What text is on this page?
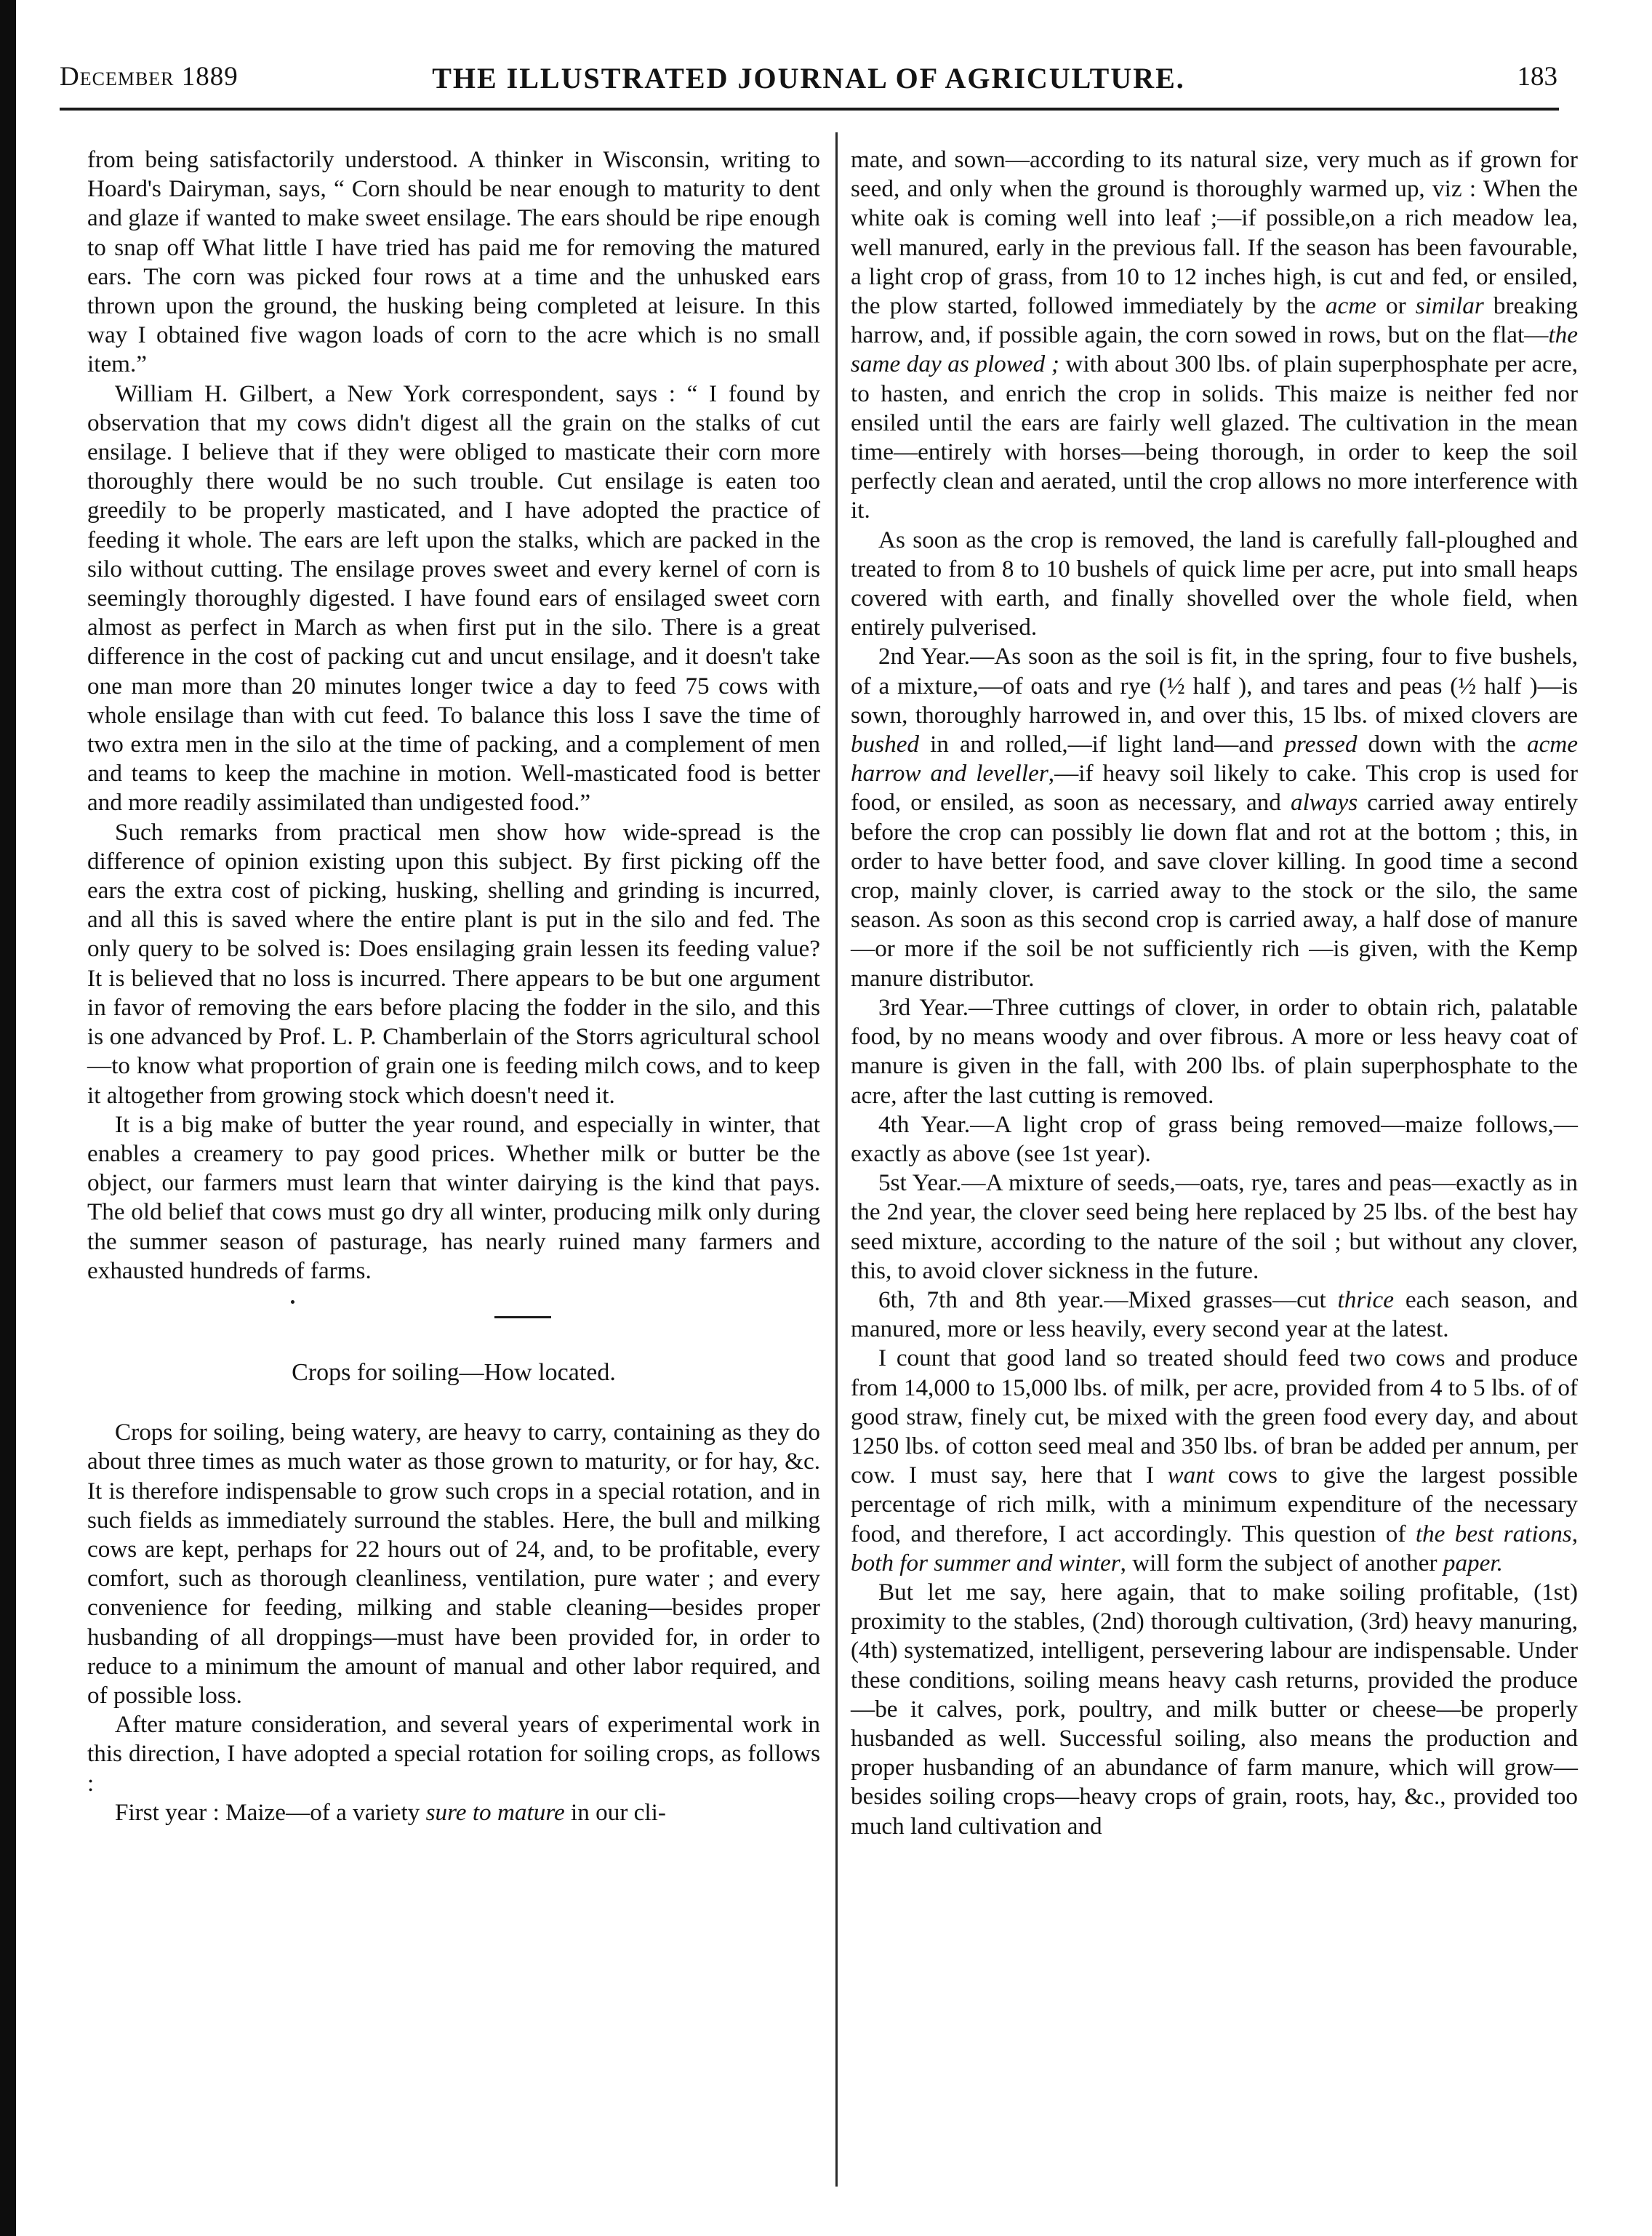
December 1889	THE ILLUSTRATED JOURNAL OF AGRICULTURE.	183

from being satisfactorily understood. A thinker in Wisconsin, writing to Hoard's Dairyman, says, “ Corn should be near enough to maturity to dent and glaze if wanted to make sweet ensilage. The ears should be ripe enough to snap off What little I have tried has paid me for removing the matured ears. The corn was picked four rows at a time and the unhusked ears thrown upon the ground, the husking being completed at leisure. In this way I obtained five wagon loads of corn to the acre which is no small item.”

William H. Gilbert, a New York correspondent, says : “ I found by observation that my cows didn't digest all the grain on the stalks of cut ensilage. I believe that if they were obliged to masticate their corn more thoroughly there would be no such trouble. Cut ensilage is eaten too greedily to be properly masticated, and I have adopted the practice of feeding it whole. The ears are left upon the stalks, which are packed in the silo without cutting. The ensilage proves sweet and every kernel of corn is seemingly thoroughly digested. I have found ears of ensilaged sweet corn almost as perfect in March as when first put in the silo. There is a great difference in the cost of packing cut and uncut ensilage, and it doesn't take one man more than 20 minutes longer twice a day to feed 75 cows with whole ensilage than with cut feed. To balance this loss I save the time of two extra men in the silo at the time of packing, and a complement of men and teams to keep the machine in motion. Well-masticated food is better and more readily assimilated than undigested food.”

Such remarks from practical men show how wide-spread is the difference of opinion existing upon this subject. By first picking off the ears the extra cost of picking, husking, shelling and grinding is incurred, and all this is saved where the entire plant is put in the silo and fed. The only query to be solved is: Does ensilaging grain lessen its feeding value? It is believed that no loss is incurred. There appears to be but one argument in favor of removing the ears before placing the fodder in the silo, and this is one advanced by Prof. L. P. Chamberlain of the Storrs agricultural school—to know what proportion of grain one is feeding milch cows, and to keep it altogether from growing stock which doesn't need it.

It is a big make of butter the year round, and especially in winter, that enables a creamery to pay good prices. Whether milk or butter be the object, our farmers must learn that winter dairying is the kind that pays. The old belief that cows must go dry all winter, producing milk only during the summer season of pasturage, has nearly ruined many farmers and exhausted hundreds of farms.

Crops for soiling—How located.

Crops for soiling, being watery, are heavy to carry, containing as they do about three times as much water as those grown to maturity, or for hay, &c. It is therefore indispensable to grow such crops in a special rotation, and in such fields as immediately surround the stables. Here, the bull and milking cows are kept, perhaps for 22 hours out of 24, and, to be profitable, every comfort, such as thorough cleanliness, ventilation, pure water ; and every convenience for feeding, milking and stable cleaning—besides proper husbanding of all droppings—must have been provided for, in order to reduce to a minimum the amount of manual and other labor required, and of possible loss.

After mature consideration, and several years of experimental work in this direction, I have adopted a special rotation for soiling crops, as follows :

First year : Maize—of a variety sure to mature in our cli-

mate, and sown—according to its natural size, very much as if grown for seed, and only when the ground is thoroughly warmed up, viz : When the white oak is coming well into leaf ;—if possible,on a rich meadow lea, well manured, early in the previous fall. If the season has been favourable, a light crop of grass, from 10 to 12 inches high, is cut and fed, or ensiled, the plow started, followed immediately by the acme or similar breaking harrow, and, if possible again, the corn sowed in rows, but on the flat—the same day as plowed ; with about 300 lbs. of plain superphosphate per acre, to hasten, and enrich the crop in solids. This maize is neither fed nor ensiled until the ears are fairly well glazed. The cultivation in the mean time—entirely with horses—being thorough, in order to keep the soil perfectly clean and aerated, until the crop allows no more interference with it.

As soon as the crop is removed, the land is carefully fall-ploughed and treated to from 8 to 10 bushels of quick lime per acre, put into small heaps covered with earth, and finally shovelled over the whole field, when entirely pulverised.

2nd Year.—As soon as the soil is fit, in the spring, four to five bushels, of a mixture,—of oats and rye (½ half ), and tares and peas (½ half )—is sown, thoroughly harrowed in, and over this, 15 lbs. of mixed clovers are bushed in and rolled,—if light land—and pressed down with the acme harrow and leveller,—if heavy soil likely to cake. This crop is used for food, or ensiled, as soon as necessary, and always carried away entirely before the crop can possibly lie down flat and rot at the bottom ; this, in order to have better food, and save clover killing. In good time a second crop, mainly clover, is carried away to the stock or the silo, the same season. As soon as this second crop is carried away, a half dose of manure—or more if the soil be not sufficiently rich —is given, with the Kemp manure distributor.

3rd Year.—Three cuttings of clover, in order to obtain rich, palatable food, by no means woody and over fibrous. A more or less heavy coat of manure is given in the fall, with 200 lbs. of plain superphosphate to the acre, after the last cutting is removed.

4th Year.—A light crop of grass being removed—maize follows,—exactly as above (see 1st year).

5st Year.—A mixture of seeds,—oats, rye, tares and peas—exactly as in the 2nd year, the clover seed being here replaced by 25 lbs. of the best hay seed mixture, according to the nature of the soil ; but without any clover, this, to avoid clover sickness in the future.

6th, 7th and 8th year.—Mixed grasses—cut thrice each season, and manured, more or less heavily, every second year at the latest.

I count that good land so treated should feed two cows and produce from 14,000 to 15,000 lbs. of milk, per acre, provided from 4 to 5 lbs. of of good straw, finely cut, be mixed with the green food every day, and about 1250 lbs. of cotton seed meal and 350 lbs. of bran be added per annum, per cow. I must say, here that I want cows to give the largest possible percentage of rich milk, with a minimum expenditure of the necessary food, and therefore, I act accordingly. This question of the best rations, both for summer and winter, will form the subject of another paper.

But let me say, here again, that to make soiling profitable, (1st) proximity to the stables, (2nd) thorough cultivation, (3rd) heavy manuring, (4th) systematized, intelligent, persevering labour are indispensable. Under these conditions, soiling means heavy cash returns, provided the produce—be it calves, pork, poultry, and milk butter or cheese—be properly husbanded as well. Successful soiling, also means the production and proper husbanding of an abundance of farm manure, which will grow—besides soiling crops—heavy crops of grain, roots, hay, &c., provided too much land cultivation and
